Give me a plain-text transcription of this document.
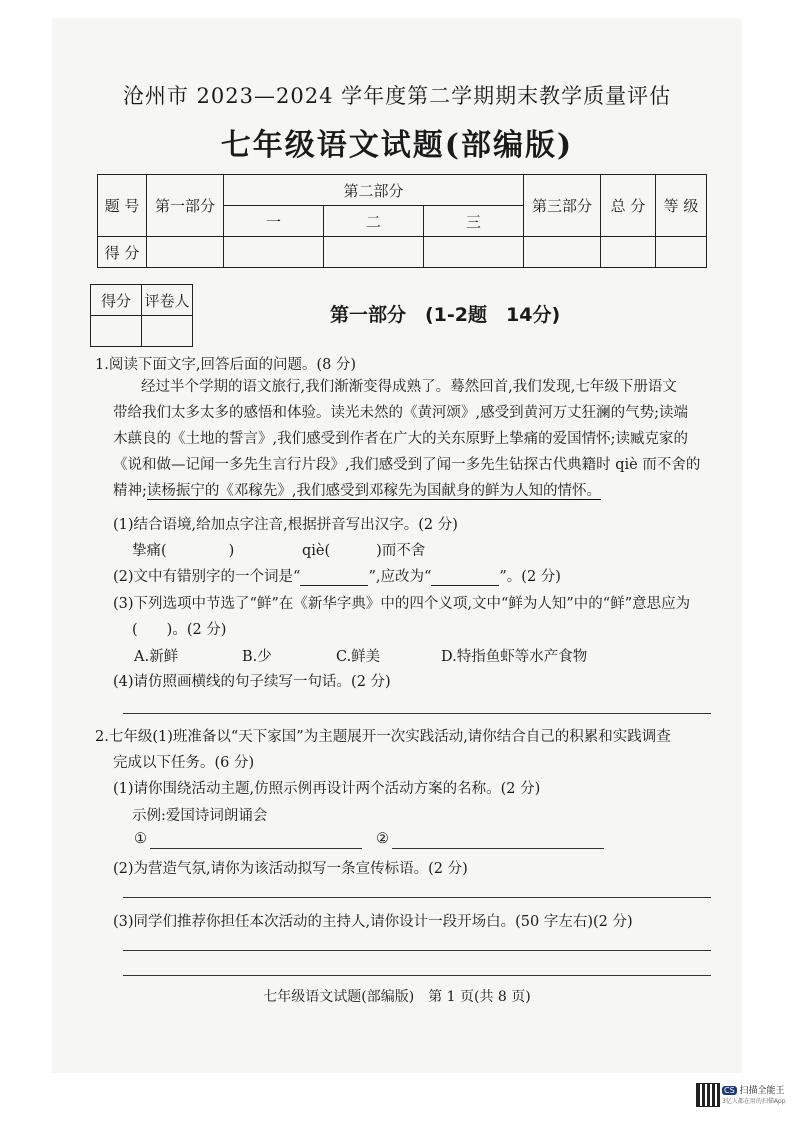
沧州市 2023—2024 学年度第二学期期末教学质量评估
七年级语文试题(部编版)
题 号	第一部分	第二部分			第三部分	总 分	等 级
		一	二	三			
得 分							
得分	评卷人

第一部分　(1-2题　14分)
1.阅读下面文字,回答后面的问题。(8 分)

经过半个学期的语文旅行,我们渐渐变得成熟了。蓦然回首,我们发现,七年级下册语文

带给我们太多太多的感悟和体验。读光未然的《黄河颂》,感受到黄河万丈狂澜的气势;读端

木蕻良的《土地的誓言》,我们感受到作者在广大的关东原野上挚痛的爱国情怀;读臧克家的

《说和做—记闻一多先生言行片段》,我们感受到了闻一多先生钻探古代典籍时 qiè 而不舍的

精神;读杨振宁的《邓稼先》,我们感受到邓稼先为国献身的鲜为人知的情怀。

(1)结合语境,给加点字注音,根据拼音写出汉字。(2 分)
挚痛(	)	qiè(	)而不舍
(2)文中有错别字的一个词是“	”,应改为“	”。(2 分)
(3)下列选项中节选了“鲜”在《新华字典》中的四个义项,文中“鲜为人知”中的“鲜”意思应为
(　　)。(2 分)
A.新鲜	B.少	C.鲜美	D.特指鱼虾等水产食物
(4)请仿照画横线的句子续写一句话。(2 分)
2.七年级(1)班准备以“天下家国”为主题展开一次实践活动,请你结合自己的积累和实践调查
完成以下任务。(6 分)
(1)请你围绕活动主题,仿照示例再设计两个活动方案的名称。(2 分)
示例:爱国诗词朗诵会
①	②
(2)为营造气氛,请你为该活动拟写一条宣传标语。(2 分)
(3)同学们推荐你担任本次活动的主持人,请你设计一段开场白。(50 字左右)(2 分)
七年级语文试题(部编版)　第 1 页(共 8 页)
CS 扫描全能王
3亿人都在用的扫描App
